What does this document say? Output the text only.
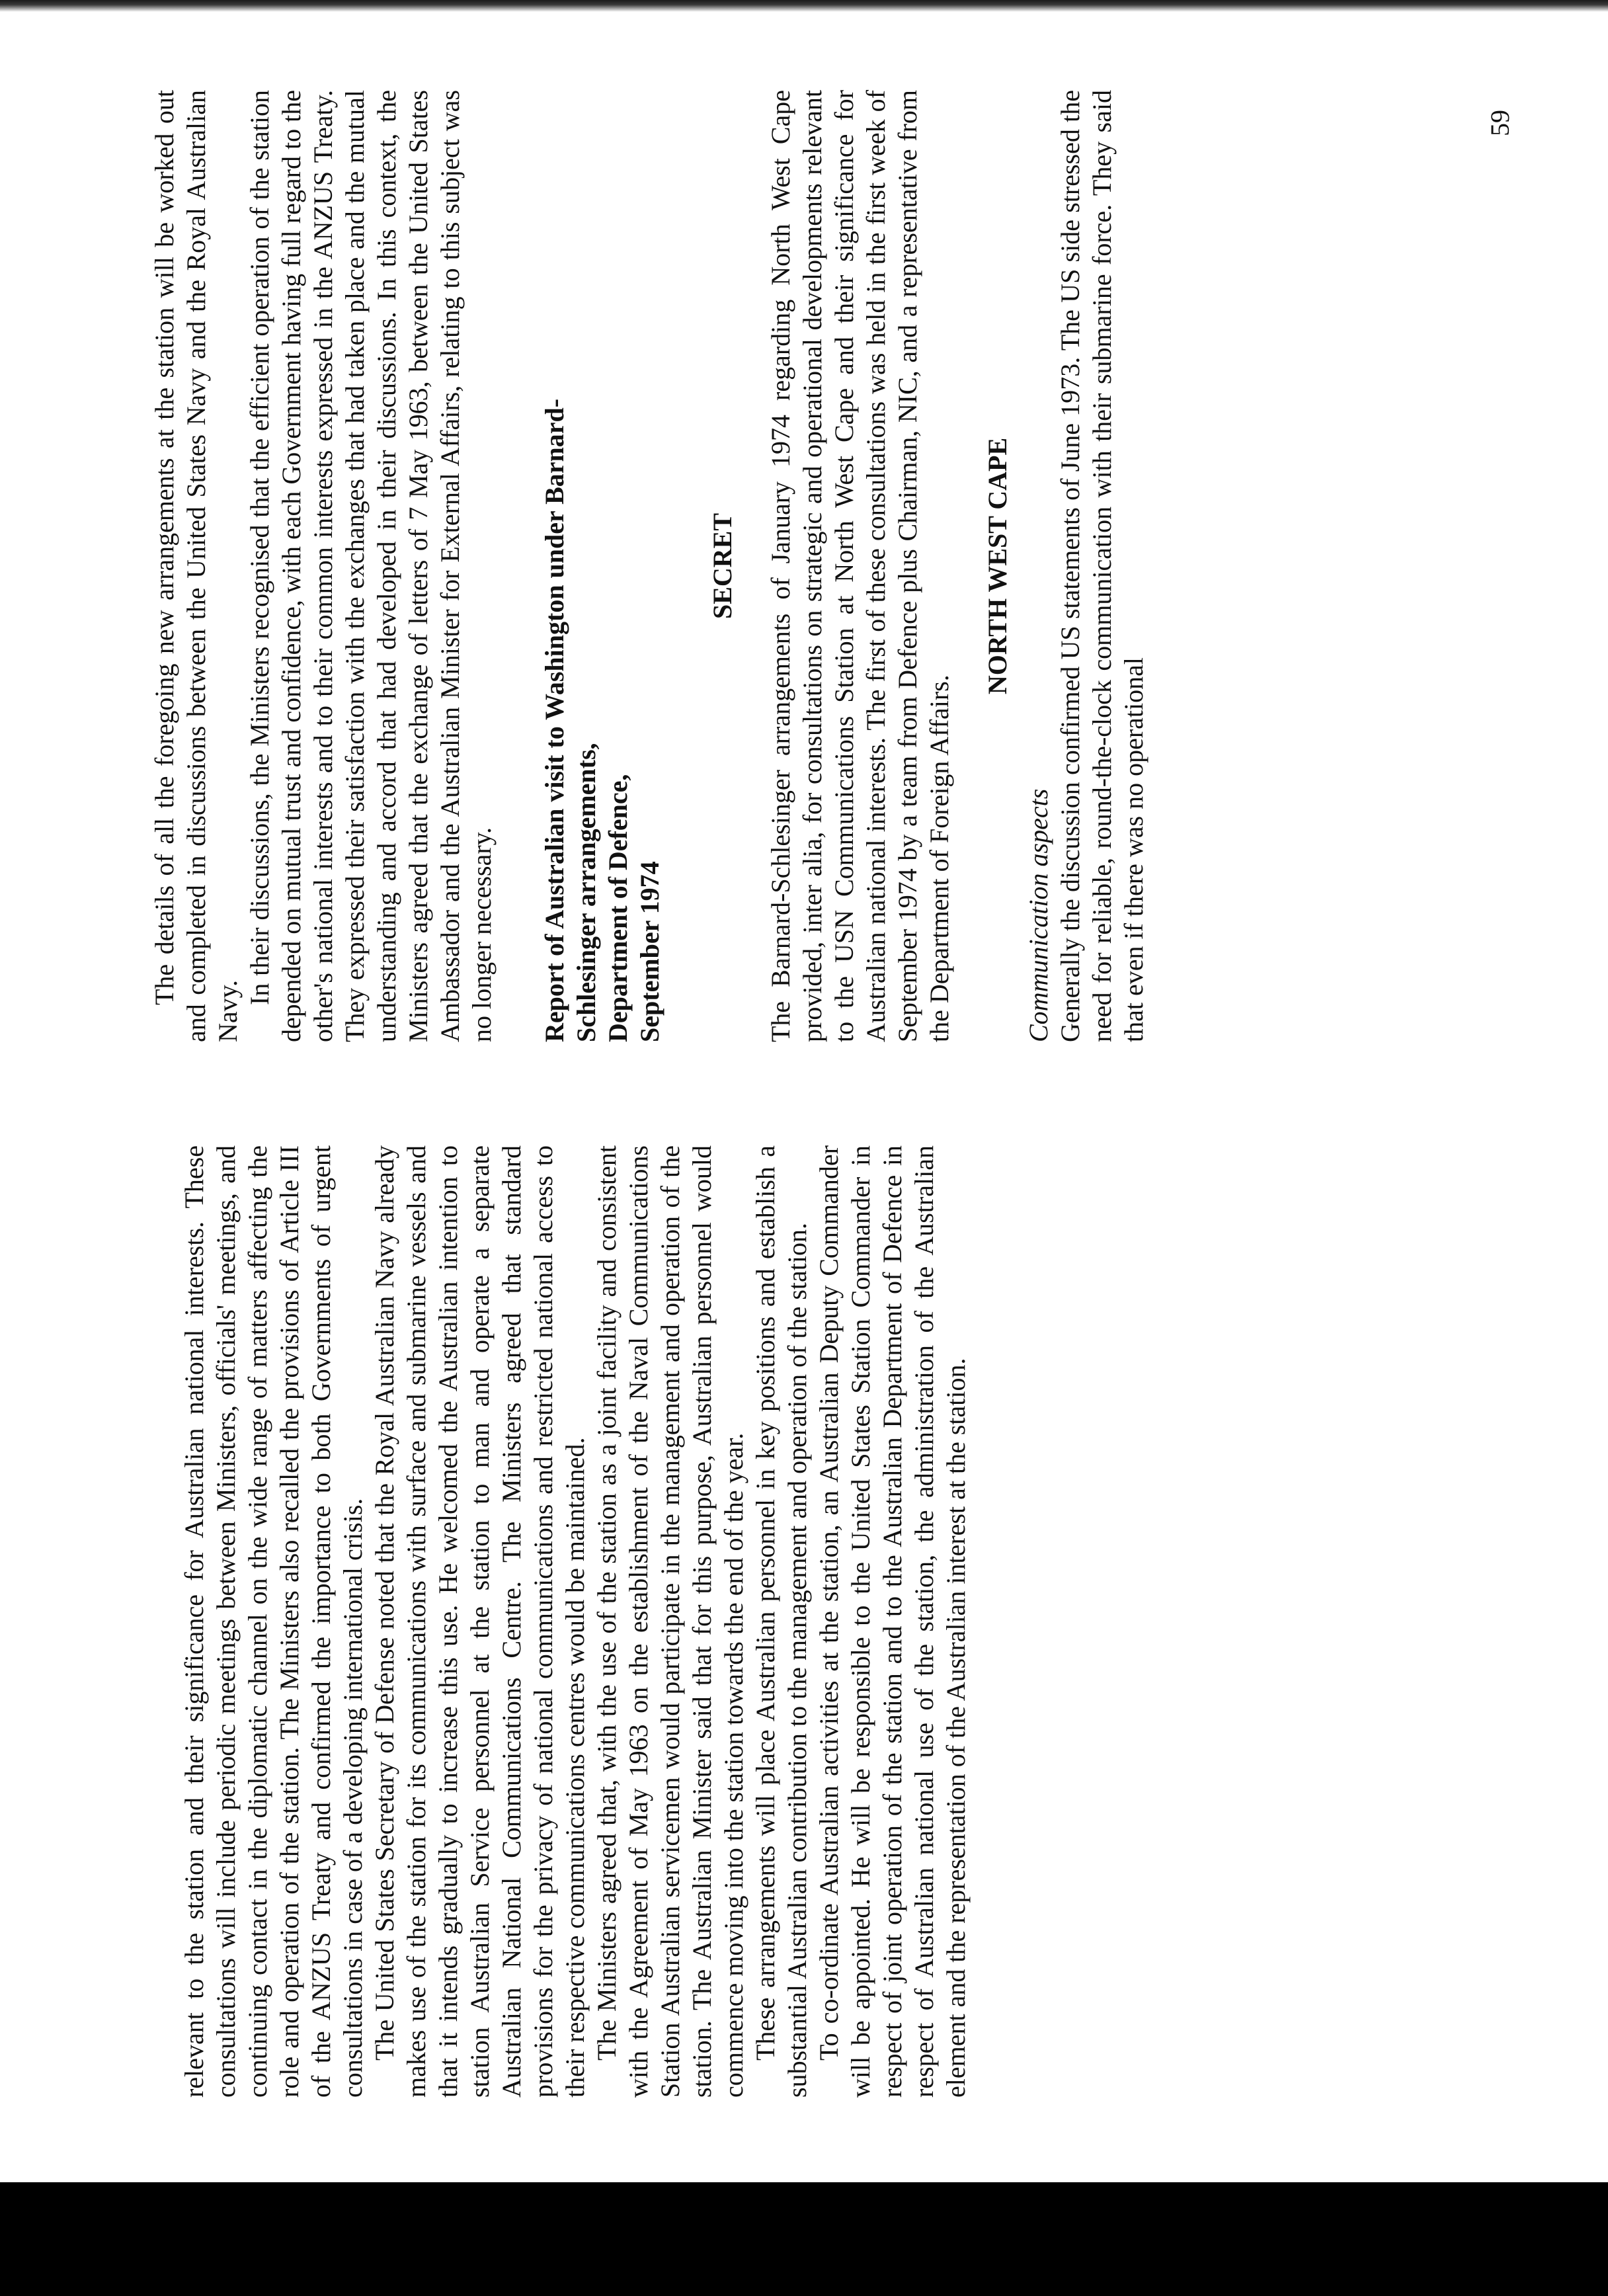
relevant to the station and their significance for Australian national interests. These consultations will include periodic meetings between Ministers, officials' meetings, and continuing contact in the diplomatic channel on the wide range of matters affecting the role and operation of the station. The Ministers also recalled the provisions of Article III of the ANZUS Treaty and confirmed the importance to both Governments of urgent consultations in case of a developing international crisis. The United States Secretary of Defense noted that the Royal Australian Navy already makes use of the station for its communications with surface and submarine vessels and that it intends gradually to increase this use. He welcomed the Australian intention to station Australian Service personnel at the station to man and operate a separate Australian National Communications Centre. The Ministers agreed that standard provisions for the privacy of national communications and restricted national access to their respective communications centres would be maintained. The Ministers agreed that, with the use of the station as a joint facility and consistent with the Agreement of May 1963 on the establishment of the Naval Communications Station Australian servicemen would participate in the management and operation of the station. The Australian Minister said that for this purpose, Australian personnel would commence moving into the station towards the end of the year. These arrangements will place Australian personnel in key positions and establish a substantial Australian contribution to the management and operation of the station. To co-ordinate Australian activities at the station, an Australian Deputy Commander will be appointed. He will be responsible to the United States Station Commander in respect of joint operation of the station and to the Australian Department of Defence in respect of Australian national use of the station, the administration of the Australian element and the representation of the Australian interest at the station.

The details of all the foregoing new arrangements at the station will be worked out and completed in discussions between the United States Navy and the Royal Australian Navy.

In their discussions, the Ministers recognised that the efficient operation of the station depended on mutual trust and confidence, with each Government having full regard to the other's national interests and to their common interests expressed in the ANZUS Treaty. They expressed their satisfaction with the exchanges that had taken place and the mutual understanding and accord that had developed in their discussions. In this context, the Ministers agreed that the exchange of letters of 7 May 1963, between the United States Ambassador and the Australian Minister for External Affairs, relating to this subject was no longer necessary. Report of Australian visit to Washington under Barnard- Schlesinger arrangements, Department of Defence, September 1974
SECRET The Barnard-Schlesinger arrangements of January 1974 regarding North West Cape provided, inter alia, for consultations on strategic and operational developments relevant to the USN Communications Station at North West Cape and their significance for Australian national interests. The first of these consultations was held in the first week of September 1974 by a team from Defence plus Chairman, NIC, and a representative from the Department of Foreign Affairs.

NORTH WEST CAPE

Communication aspects Generally the discussion confirmed US statements of June 1973. The US side stressed the need for reliable, round-the-clock communication with their submarine force. They said that even if there was no operational

59
